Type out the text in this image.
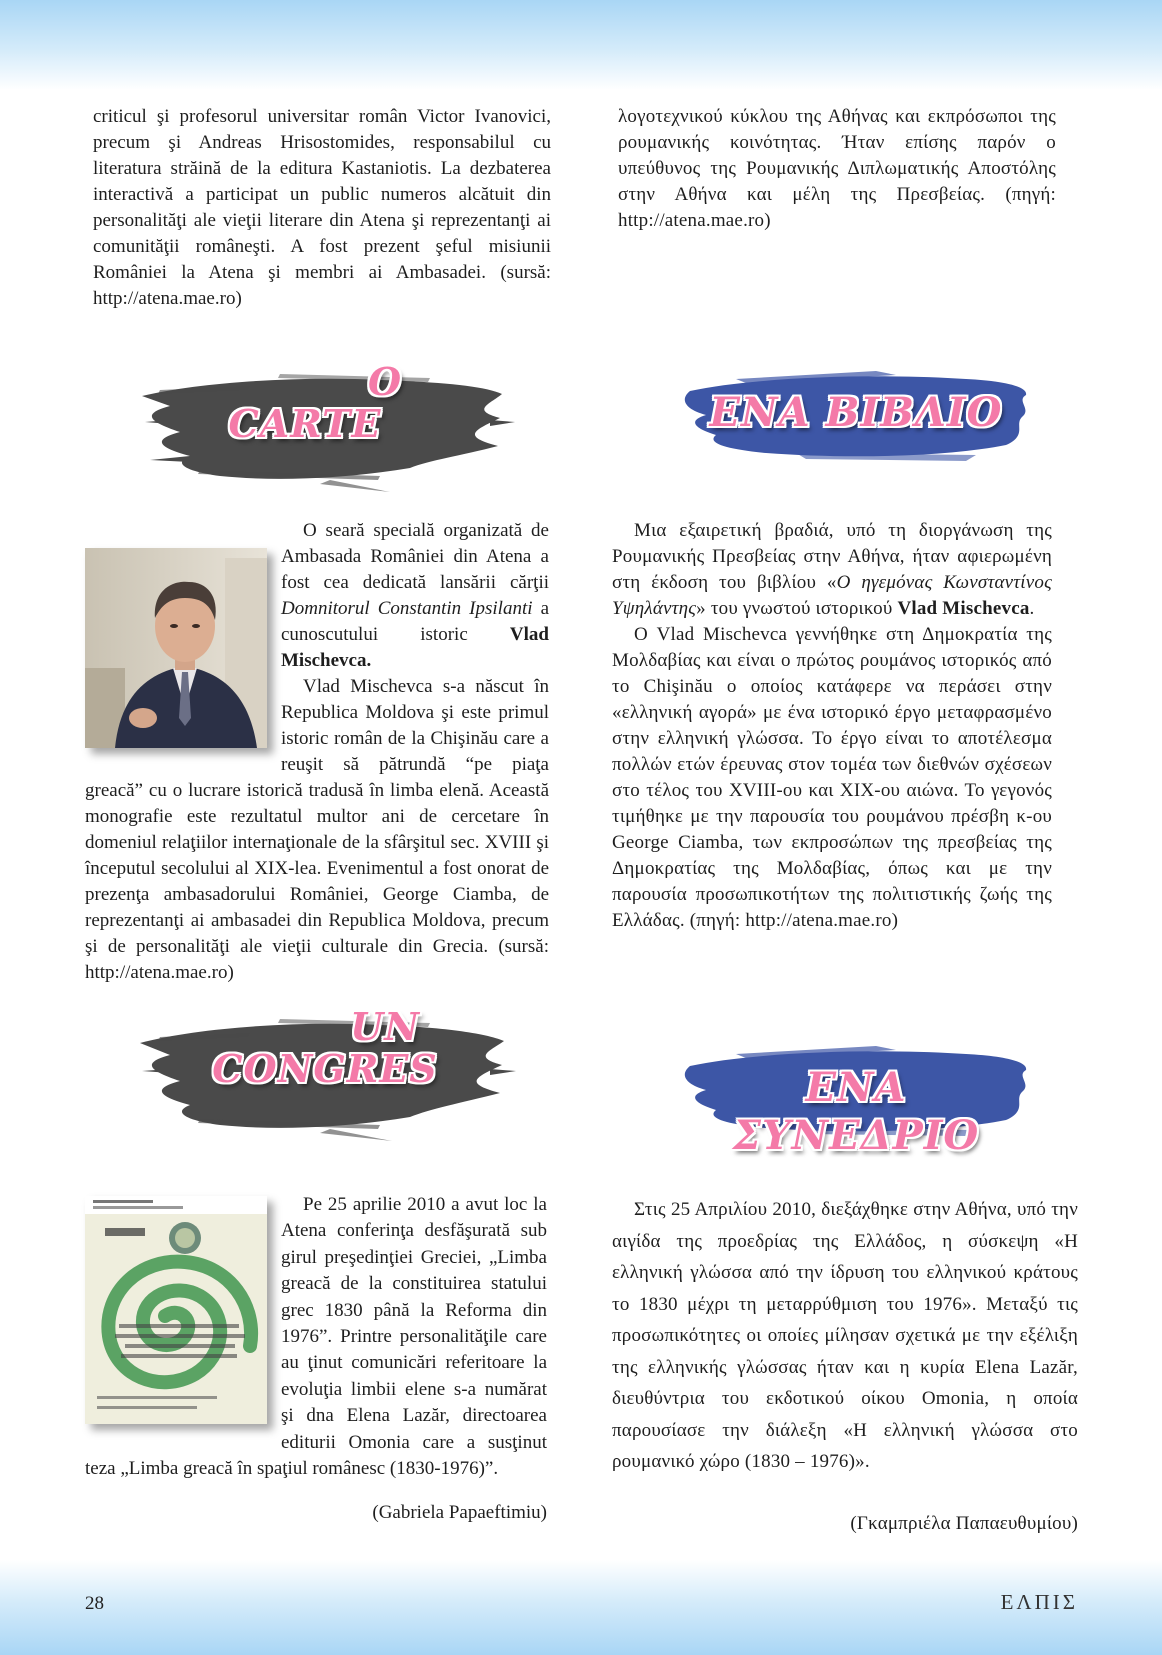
criticul şi profesorul universitar român Victor Ivanovici, precum şi Andreas Hrisostomides, responsabilul cu literatura străină de la editura Kastaniotis. La dezbaterea interactivă a participat un public numeros alcătuit din personalităţi ale vieţii literare din Atena şi reprezentanţi ai comunităţii româneşti. A fost prezent şeful misiunii României la Atena şi membri ai Ambasadei. (sursă: http://atena.mae.ro)

λογοτεχνικού κύκλου της Αθήνας και εκπρόσωποι της ρουμανικής κοινότητας. Ήταν επίσης παρόν ο υπεύθυνος της Ρουμανικής Διπλωματικής Αποστόλης στην Αθήνα και μέλη της Πρεσβείας. (πηγή: http://atena.mae.ro)

O
CARTE	ΕΝΑ ΒΙΒΛΙΟ

O seară specială organizată de Ambasada României din Atena a fost cea dedicată lansării cărţii Domnitorul Constantin Ipsilanti a cunoscutului istoric Vlad Mischevca.

Vlad Mischevca s-a născut în Republica Moldova şi este primul istoric român de la Chişinău care a reuşit să pătrundă “pe piaţa greacă” cu o lucrare istorică tradusă în limba elenă. Această monografie este rezultatul multor ani de cercetare în domeniul relaţiilor internaţionale de la sfârşitul sec. XVIII şi începutul secolului al XIX-lea. Evenimentul a fost onorat de prezenţa ambasadorului României, George Ciamba, de reprezentanţi ai ambasadei din Republica Moldova, precum şi de personalităţi ale vieţii culturale din Grecia. (sursă: http://atena.mae.ro)

Μια εξαιρετική βραδιά, υπό τη διοργάνωση της Ρουμανικής Πρεσβείας στην Αθήνα, ήταν αφιερωμένη στη έκδοση του βιβλίου «Ο ηγεμόνας Κωνσταντίνος Υψηλάντης» του γνωστού ιστορικού Vlad Mischevca.

Ο Vlad Mischevca γεννήθηκε στη Δημοκρατία της Μολδαβίας και είναι ο πρώτος ρουμάνος ιστορικός από το Chişinău ο οποίος κατάφερε να περάσει στην «ελληνική αγορά» με ένα ιστορικό έργο μεταφρασμένο στην ελληνική γλώσσα. Το έργο είναι το αποτέλεσμα πολλών ετών έρευνας στον τομέα των διεθνών σχέσεων στο τέλος του XVIII-ου και XIX-ου αιώνα. Το γεγονός τιμήθηκε με την παρουσία του ρουμάνου πρέσβη κ-ου George Ciamba, των εκπροσώπων της πρεσβείας της Δημοκρατίας της Μολδαβίας, όπως και με την παρουσία προσωπικοτήτων της πολιτιστικής ζωής της Ελλάδας. (πηγή: http://atena.mae.ro)

UN
CONGRES	ΕΝΑ ΣΥΝΕΔΡΙΟ

Pe 25 aprilie 2010 a avut loc la Atena conferinţa desfăşurată sub girul preşedinţiei Greciei, „Limba greacă de la constituirea statului grec 1830 până la Reforma din 1976”. Printre personalităţile care au ţinut comunicări referitoare la evoluţia limbii elene s-a numărat şi dna Elena Lazăr, directoarea editurii Omonia care a susţinut teza „Limba greacă în spaţiul românesc (1830-1976)”.

(Gabriela Papaeftimiu)

Στις 25 Απριλίου 2010, διεξάχθηκε στην Αθήνα, υπό την αιγίδα της προεδρίας της Ελλάδος, η σύσκεψη «Η ελληνική γλώσσα από την ίδρυση του ελληνικού κράτους το 1830 μέχρι τη μεταρρύθμιση του 1976». Μεταξύ τις προσωπικότητες οι οποίες μίλησαν σχετικά με την εξέλιξη της ελληνικής γλώσσας ήταν και η κυρία Elena Lazăr, διευθύντρια του εκδοτικού οίκου Omonia, η οποία παρουσίασε την διάλεξη «Η ελληνική γλώσσα στο ρουμανικό χώρο (1830 – 1976)».

(Γκαμπριέλα Παπαευθυμίου)

28	ΕΛΠΙΣ
